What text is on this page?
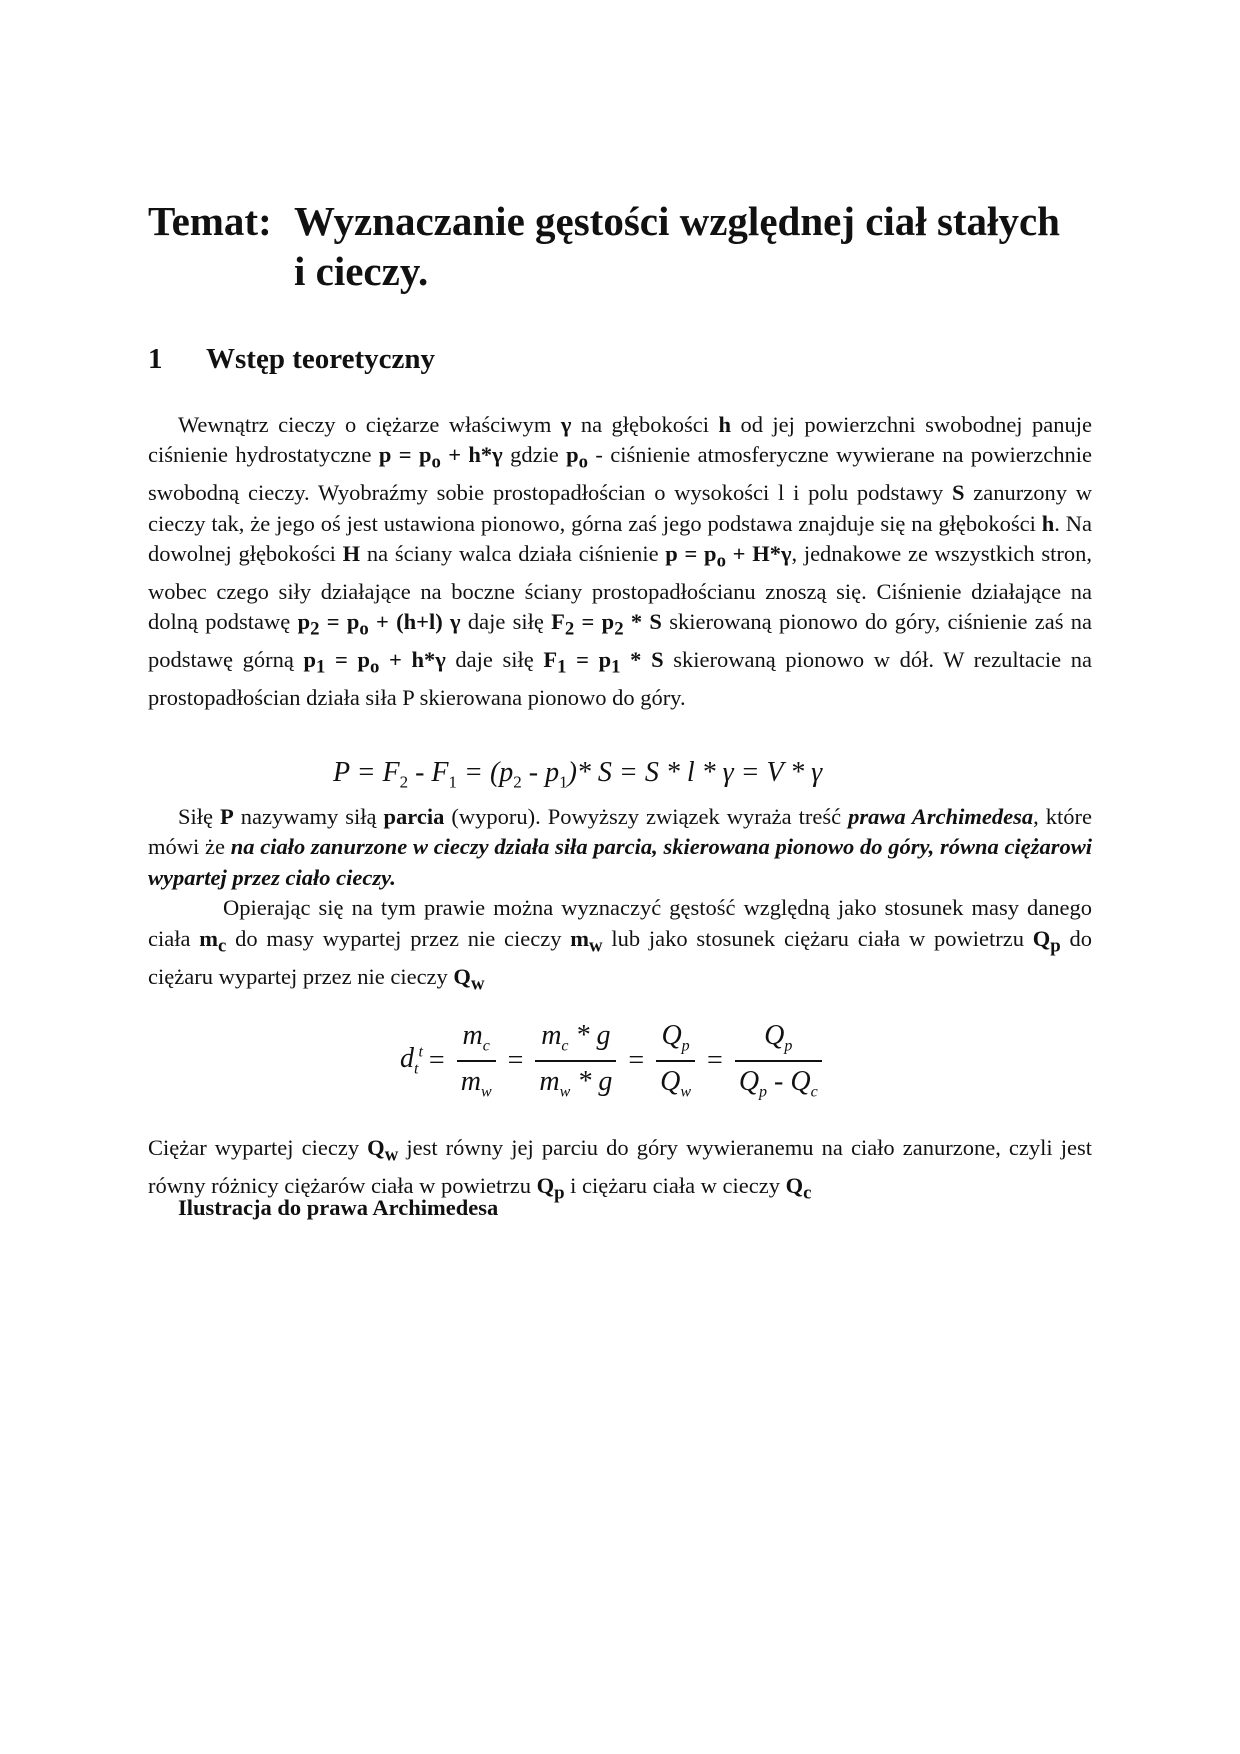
Temat: Wyznaczanie gęstości względnej ciał stałych
i cieczy.
1	Wstęp teoretyczny

Wewnątrz cieczy o ciężarze właściwym γ na głębokości h od jej powierzchni swobodnej panuje ciśnienie hydrostatyczne $p = p_o + h*\gamma$ gdzie $p_o$ - ciśnienie atmosferyczne wywierane na powierzchnie swobodną cieczy. Wyobraźmy sobie prostopadłościan o wysokości l i polu podstawy S zanurzony w cieczy tak, że jego oś jest ustawiona pionowo, górna zaś jego podstawa znajduje się na głębokości h. Na dowolnej głębokości H na ściany walca działa ciśnienie $p = p_o + H*\gamma$, jednakowe ze wszystkich stron, wobec czego siły działające na boczne ściany prostopadłościanu znoszą się. Ciśnienie działające na dolną podstawę $p_2 = p_o + (h+l)$ γ daje siłę $F_2 = p_2 * S$ skierowaną pionowo do góry, ciśnienie zaś na podstawę górną $p_1 = p_o + h*\gamma$ daje siłę $F_1 = p_1 * S$ skierowaną pionowo w dół. W rezultacie na prostopadłościan działa siła P skierowana pionowo do góry.

$P = F_2 - F_1 = (p_2 - p_1)*$ S = S * l * γ = V * γ

Siłę P nazywamy siłą parcia (wyporu). Powyższy związek wyraża treść prawa Archimedesa, które mówi że na ciało zanurzone w cieczy działa siła parcia, skierowana pionowo do góry, równa ciężarowi wypartej przez ciało cieczy.

Opierając się na tym prawie można wyznaczyć gęstość względną jako stosunek masy danego ciała $m_c$ do masy wypartej przez nie cieczy $m_w$ lub jako stosunek ciężaru ciała w powietrzu $Q_p$ do ciężaru wypartej przez nie cieczy $Q_w$

$d_t^t = \frac{m_c}{m_w} = \frac{m_c * g}{m_w * g} = \frac{Q_p}{Q_w} = \frac{Q_p}{Q_p - Q_c}$

Ciężar wypartej cieczy $Q_w$ jest równy jej parciu do góry wywieranemu na ciało zanurzone, czyli jest równy różnicy ciężarów ciała w powietrzu $Q_p$ i ciężaru ciała w cieczy $Q_c$

Ilustracja do prawa Archimedesa
